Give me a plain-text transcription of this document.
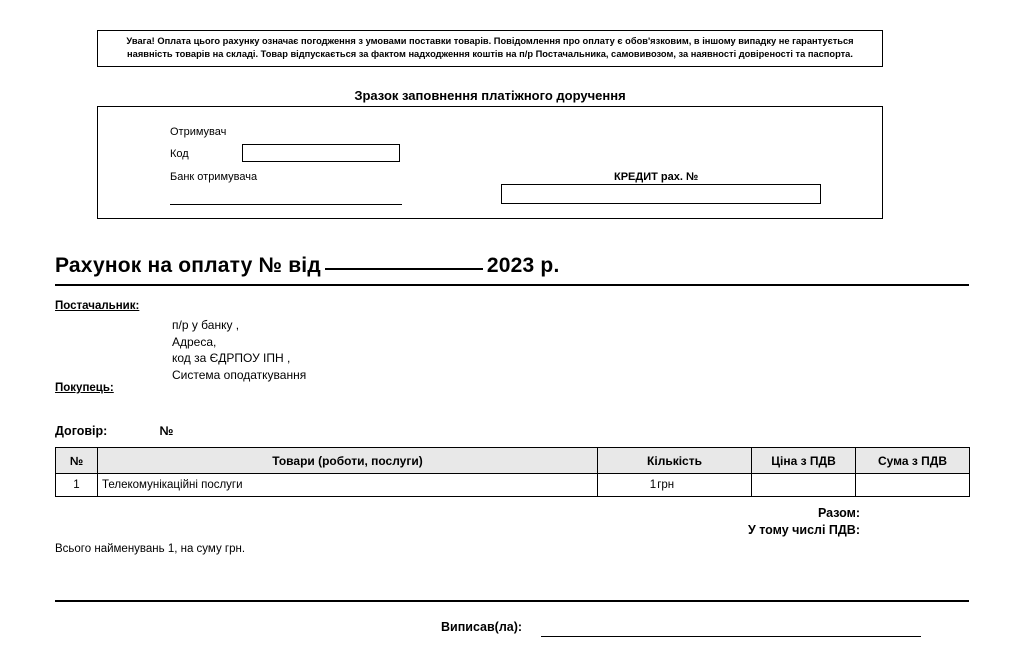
Увага! Оплата цього рахунку означає погодження з умовами поставки товарів. Повідомлення про оплату є обов'язковим, в іншому випадку не гарантується наявність товарів на складі. Товар відпускається за фактом надходження коштів на п/р Постачальника, самовивозом, за наявності довіреності та паспорта.
Зразок заповнення платіжного доручення
Отримувач
Код
Банк отримувача	КРЕДИТ рах. №
Рахунок на оплату № від	2023 р.
Постачальник:
п/р у банку ,
Адреса,
код за ЄДРПОУ ІПН ,
Система оподаткування
Покупець:
Договір:	№
№	Товари (роботи, послуги)	Кількість	Ціна з ПДВ	Сума з ПДВ
1	Телекомунікаційні послуги	1 грн		

Разом:
У тому числі ПДВ:
Всього найменувань 1, на суму грн.
Виписав(ла):
